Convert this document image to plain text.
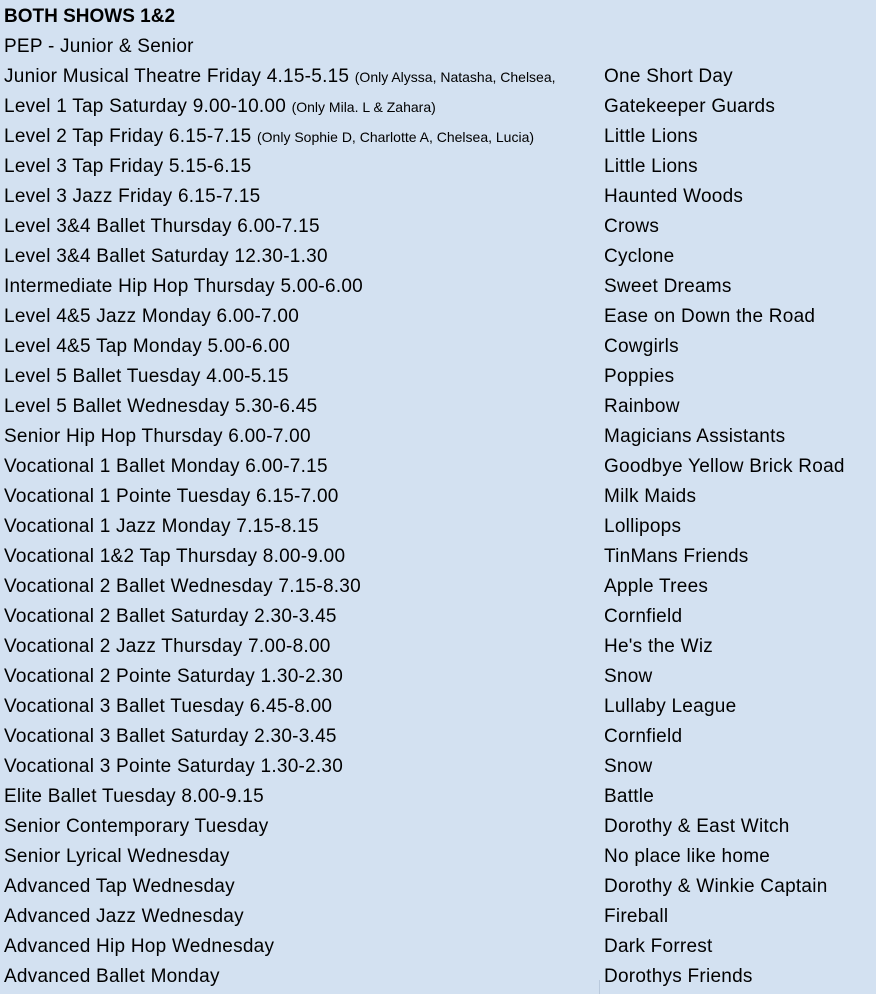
BOTH SHOWS 1&2
PEP - Junior & Senior
Junior Musical Theatre Friday 4.15-5.15 (Only Alyssa, Natasha, Chelsea,	One Short Day
Level 1 Tap Saturday 9.00-10.00 (Only Mila. L & Zahara)	Gatekeeper Guards
Level 2 Tap Friday 6.15-7.15 (Only Sophie D, Charlotte A, Chelsea, Lucia)	Little Lions
Level 3 Tap Friday 5.15-6.15	Little Lions
Level 3 Jazz Friday 6.15-7.15	Haunted Woods
Level 3&4 Ballet Thursday 6.00-7.15	Crows
Level 3&4 Ballet Saturday 12.30-1.30	Cyclone
Intermediate Hip Hop Thursday 5.00-6.00	Sweet Dreams
Level 4&5 Jazz Monday 6.00-7.00	Ease on Down the Road
Level 4&5 Tap Monday 5.00-6.00	Cowgirls
Level 5 Ballet Tuesday 4.00-5.15	Poppies
Level 5 Ballet Wednesday 5.30-6.45	Rainbow
Senior Hip Hop Thursday 6.00-7.00	Magicians Assistants
Vocational 1 Ballet Monday 6.00-7.15	Goodbye Yellow Brick Road
Vocational 1 Pointe Tuesday 6.15-7.00	Milk Maids
Vocational 1 Jazz Monday 7.15-8.15	Lollipops
Vocational 1&2 Tap Thursday 8.00-9.00	TinMans Friends
Vocational 2 Ballet Wednesday 7.15-8.30	Apple Trees
Vocational 2 Ballet Saturday 2.30-3.45	Cornfield
Vocational 2 Jazz Thursday 7.00-8.00	He's the Wiz
Vocational 2 Pointe Saturday 1.30-2.30	Snow
Vocational 3 Ballet Tuesday 6.45-8.00	Lullaby League
Vocational 3 Ballet Saturday 2.30-3.45	Cornfield
Vocational 3 Pointe Saturday 1.30-2.30	Snow
Elite Ballet Tuesday 8.00-9.15	Battle
Senior Contemporary Tuesday	Dorothy & East Witch
Senior Lyrical Wednesday	No place like home
Advanced Tap Wednesday	Dorothy & Winkie Captain
Advanced Jazz Wednesday	Fireball
Advanced Hip Hop Wednesday	Dark Forrest
Advanced Ballet Monday	Dorothys Friends
